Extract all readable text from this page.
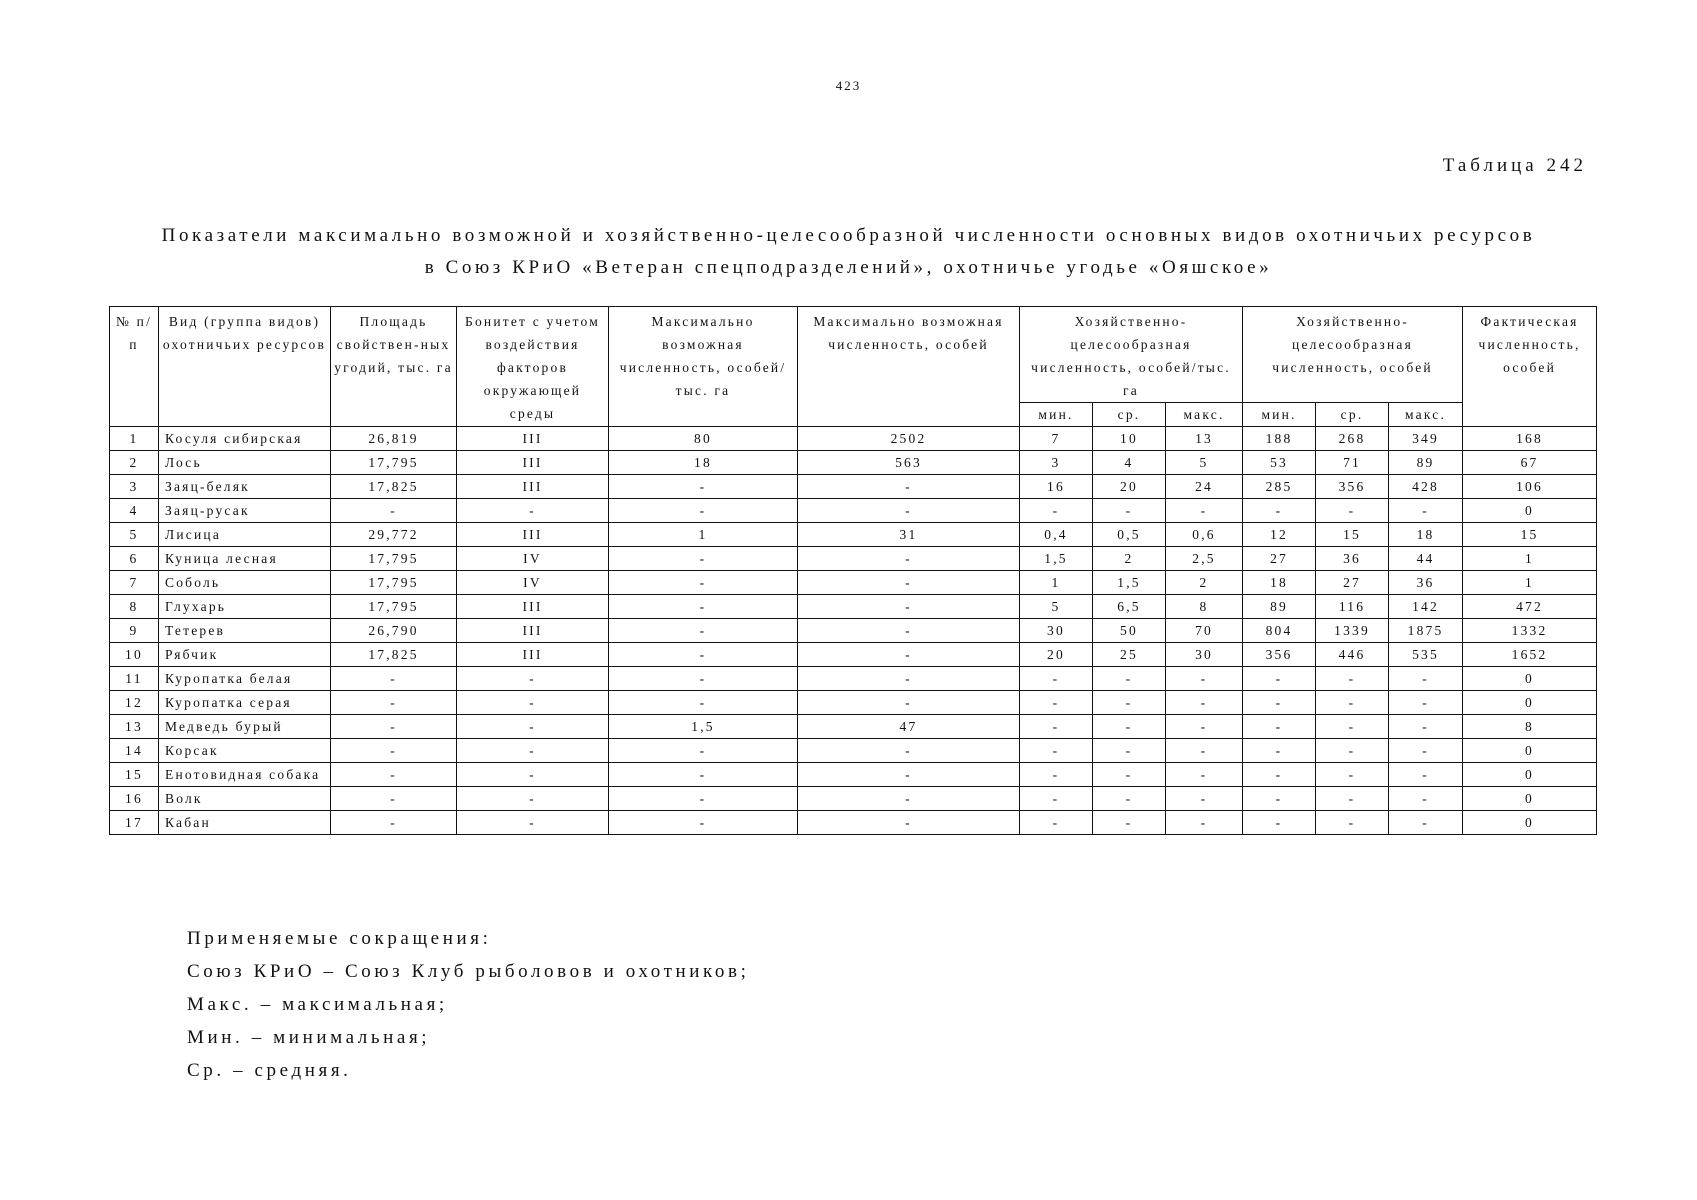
423
Таблица 242
Показатели максимально возможной и хозяйственно-целесообразной численности основных видов охотничьих ресурсов
в Союз КРиО «Ветеран спецподразделений», охотничье угодье «Ояшское»
№ п/п	Вид (группа видов) охотничьих ресурсов	Площадь свойствен-ных угодий, тыс. га	Бонитет с учетом воздействия факторов окружающей среды	Максимально возможная численность, особей/тыс. га	Максимально возможная численность, особей	Хозяйственно-целесообразная численность, особей/тыс. га			Хозяйственно-целесообразная численность, особей			Фактическая численность, особей
						мин.	ср.	макс.	мин.	ср.	макс.	
1	Косуля сибирская	26,819	III	80	2502	7	10	13	188	268	349	168
2	Лось	17,795	III	18	563	3	4	5	53	71	89	67
3	Заяц-беляк	17,825	III	-	-	16	20	24	285	356	428	106
4	Заяц-русак	-	-	-	-	-	-	-	-	-	-	0
5	Лисица	29,772	III	1	31	0,4	0,5	0,6	12	15	18	15
6	Куница лесная	17,795	IV	-	-	1,5	2	2,5	27	36	44	1
7	Соболь	17,795	IV	-	-	1	1,5	2	18	27	36	1
8	Глухарь	17,795	III	-	-	5	6,5	8	89	116	142	472
9	Тетерев	26,790	III	-	-	30	50	70	804	1339	1875	1332
10	Рябчик	17,825	III	-	-	20	25	30	356	446	535	1652
11	Куропатка белая	-	-	-	-	-	-	-	-	-	-	0
12	Куропатка серая	-	-	-	-	-	-	-	-	-	-	0
13	Медведь бурый	-	-	1,5	47	-	-	-	-	-	-	8
14	Корсак	-	-	-	-	-	-	-	-	-	-	0
15	Енотовидная собака	-	-	-	-	-	-	-	-	-	-	0
16	Волк	-	-	-	-	-	-	-	-	-	-	0
17	Кабан	-	-	-	-	-	-	-	-	-	-	0
Применяемые сокращения:
Союз КРиО – Союз Клуб рыболовов и охотников;
Макс. – максимальная;
Мин. – минимальная;
Ср. – средняя.
